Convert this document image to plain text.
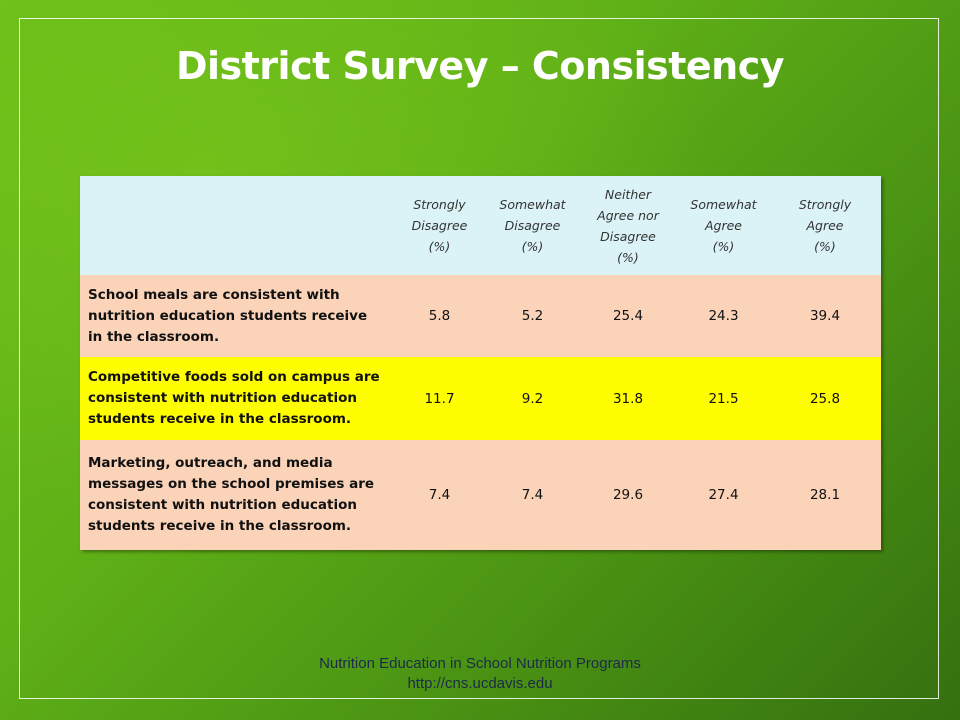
District Survey – Consistency

	Strongly
Disagree
(%)	Somewhat
Disagree
(%)	Neither
Agree nor
Disagree
(%)	Somewhat
Agree
(%)	Strongly
Agree
(%)

School meals are consistent with nutrition education students receive in the classroom.	5.8	5.2	25.4	24.3	39.4
Competitive foods sold on campus are consistent with nutrition education students receive in the classroom.	11.7	9.2	31.8	21.5	25.8
Marketing, outreach, and media messages on the school premises are consistent with nutrition education students receive in the classroom.	7.4	7.4	29.6	27.4	28.1
Nutrition Education in School Nutrition Programs
http://cns.ucdavis.edu
